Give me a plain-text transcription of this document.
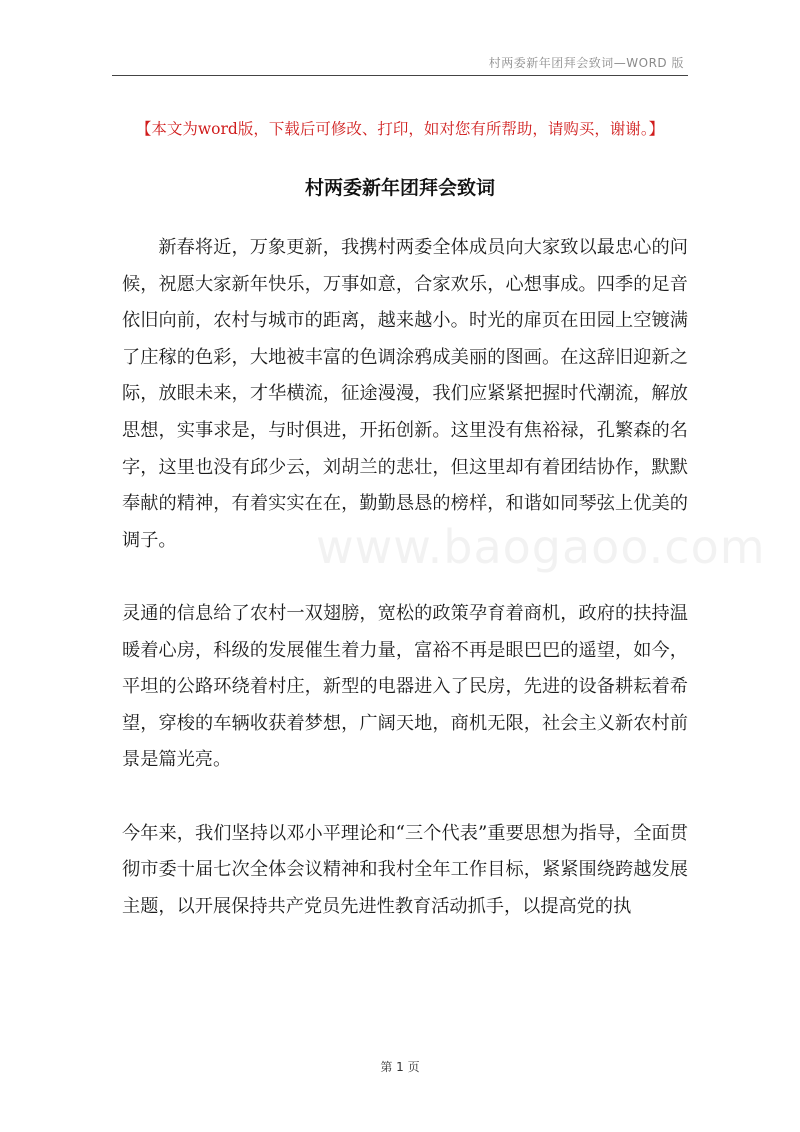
村两委新年团拜会致词—WORD 版
【本文为word版，下载后可修改、打印，如对您有所帮助，请购买，谢谢。】
村两委新年团拜会致词
www.baogaoo.com

新春将近，万象更新，我携村两委全体成员向大家致以最忠心的问候，祝愿大家新年快乐，万事如意，合家欢乐，心想事成。四季的足音依旧向前，农村与城市的距离，越来越小。时光的扉页在田园上空镀满了庄稼的色彩，大地被丰富的色调涂鸦成美丽的图画。在这辞旧迎新之际，放眼未来，才华横流，征途漫漫，我们应紧紧把握时代潮流，解放思想，实事求是，与时俱进，开拓创新。这里没有焦裕禄，孔繁森的名字，这里也没有邱少云，刘胡兰的悲壮，但这里却有着团结协作，默默奉献的精神，有着实实在在，勤勤恳恳的榜样，和谐如同琴弦上优美的调子。

灵通的信息给了农村一双翅膀，宽松的政策孕育着商机，政府的扶持温暖着心房，科级的发展催生着力量，富裕不再是眼巴巴的遥望，如今，平坦的公路环绕着村庄，新型的电器进入了民房，先进的设备耕耘着希望，穿梭的车辆收获着梦想，广阔天地，商机无限，社会主义新农村前景是篇光亮。

今年来，我们坚持以邓小平理论和“三个代表”重要思想为指导，全面贯彻市委十届七次全体会议精神和我村全年工作目标，紧紧围绕跨越发展主题，以开展保持共产党员先进性教育活动抓手，以提高党的执

第 1 页
